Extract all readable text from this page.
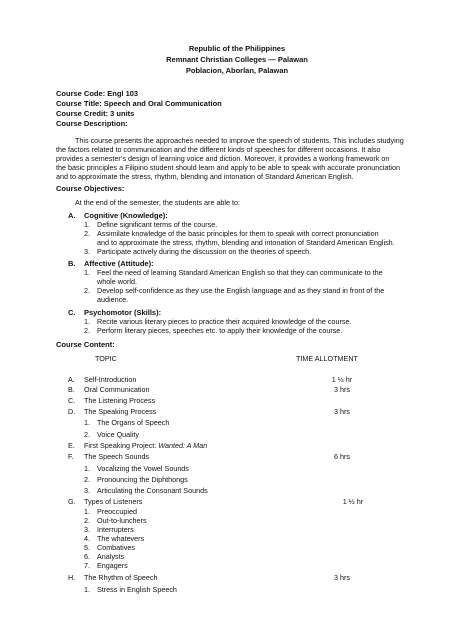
Republic of the Philippines
Remnant Christian Colleges — Palawan
Poblacion, Aborlan, Palawan
Course Code: Engl 103
Course Title: Speech and Oral Communication
Course Credit: 3 units
Course Description:
This course presents the approaches needed to improve the speech of students. This includes studying
the factors related to communication and the different kinds of speeches for different occasions. It also
provides a semester’s design of learning voice and diction. Moreover, it provides a working framework on
the basic principles a Filipino student should learn and apply to be able to speak with accurate pronunciation
and to approximate the stress, rhythm, blending and intonation of Standard American English.
Course Objectives:
At the end of the semester, the students are able to:
A. Cognitive (Knowledge):
1. Define significant terms of the course.
2. Assimilate knowledge of the basic principles for them to speak with correct pronunciation
and to approximate the stress, rhythm, blending and intonation of Standard American English.
3. Participate actively during the discussion on the theories of speech.
B. Affective (Attitude):
1. Feel the need of learning Standard American English so that they can communicate to the
whole world.
2. Develop self-confidence as they use the English language and as they stand in front of the
audience.
C. Psychomotor (Skills):
1. Recite various literary pieces to practice their acquired knowledge of the course.
2. Perform literary pieces, speeches etc. to apply their knowledge of the course.
Course Content:
TOPIC	TIME ALLOTMENT
A. Self-Introduction	1 ½ hr
B. Oral Communication	3 hrs
C. The Listening Process
D. The Speaking Process	3 hrs
1. The Organs of Speech
2. Voice Quality
E. First Speaking Project: Wanted: A Man
F. The Speech Sounds	6 hrs
1. Vocalizing the Vowel Sounds
2. Pronouncing the Diphthongs
3. Articulating the Consonant Sounds
G. Types of Listeners	1 ½ hr
1. Preoccupied
2. Out-to-lunchers
3. Interrupters
4. The whatevers
5. Combatives
6. Analysts
7. Engagers
H. The Rhythm of Speech	3 hrs
1. Stress in English Speech
